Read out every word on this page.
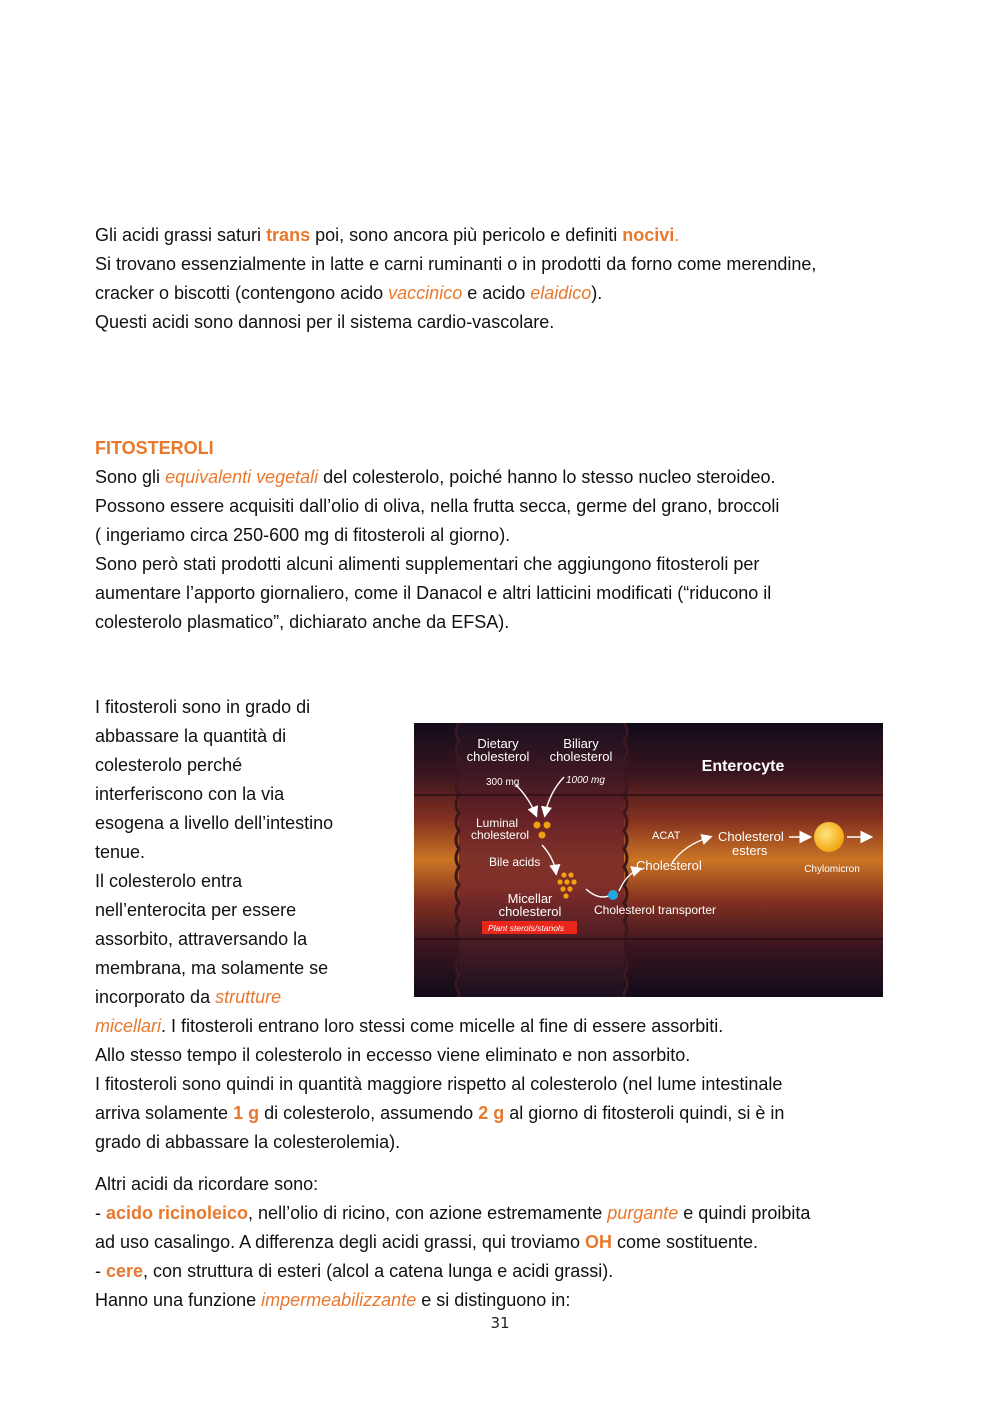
Gli acidi grassi saturi trans poi, sono ancora più pericolo e definiti nocivi.
Si trovano essenzialmente in latte e carni ruminanti o in prodotti da forno come merendine,
cracker o biscotti (contengono acido vaccinico e acido elaidico).
Questi acidi sono dannosi per il sistema cardio-vascolare.
FITOSTEROLI
Sono gli equivalenti vegetali del colesterolo, poiché hanno lo stesso nucleo steroideo.
Possono essere acquisiti dall’olio di oliva, nella frutta secca, germe del grano, broccoli
( ingeriamo circa 250-600 mg di fitosteroli al giorno).
Sono però stati prodotti alcuni alimenti supplementari che aggiungono fitosteroli per
aumentare l’apporto giornaliero, come il Danacol e altri latticini modificati (“riducono il
colesterolo plasmatico”, dichiarato anche da EFSA).
I fitosteroli sono in grado di
abbassare la quantità di
colesterolo perché
interferiscono con la via
esogena a livello dell’intestino
tenue.
Il colesterolo entra
nell’enterocita per essere
assorbito, attraversando la
membrana, ma solamente se
incorporato da strutture
micellari. I fitosteroli entrano loro stessi come micelle al fine di essere assorbiti.
Allo stesso tempo il colesterolo in eccesso viene eliminato e non assorbito.
I fitosteroli sono quindi in quantità maggiore rispetto al colesterolo (nel lume intestinale
arriva solamente 1 g di colesterolo, assumendo 2 g al giorno di fitosteroli quindi, si è in
grado di abbassare la colesterolemia).
Altri acidi da ricordare sono:
- acido ricinoleico, nell’olio di ricino, con azione estremamente purgante e quindi proibita
ad uso casalingo. A differenza degli acidi grassi, qui troviamo OH come sostituente.
- cere, con struttura di esteri (alcol a catena lunga e acidi grassi).
Hanno una funzione impermeabilizzante e si distinguono in:
31
Dietary
cholesterol
Biliary
cholesterol
300 mg	1000 mg
Enterocyte
Luminal
cholesterol
Bile acids
Micellar
cholesterol
Plant sterols/stanols
Cholesterol transporter
Cholesterol
ACAT	Cholesterol
esters
Chylomicron
